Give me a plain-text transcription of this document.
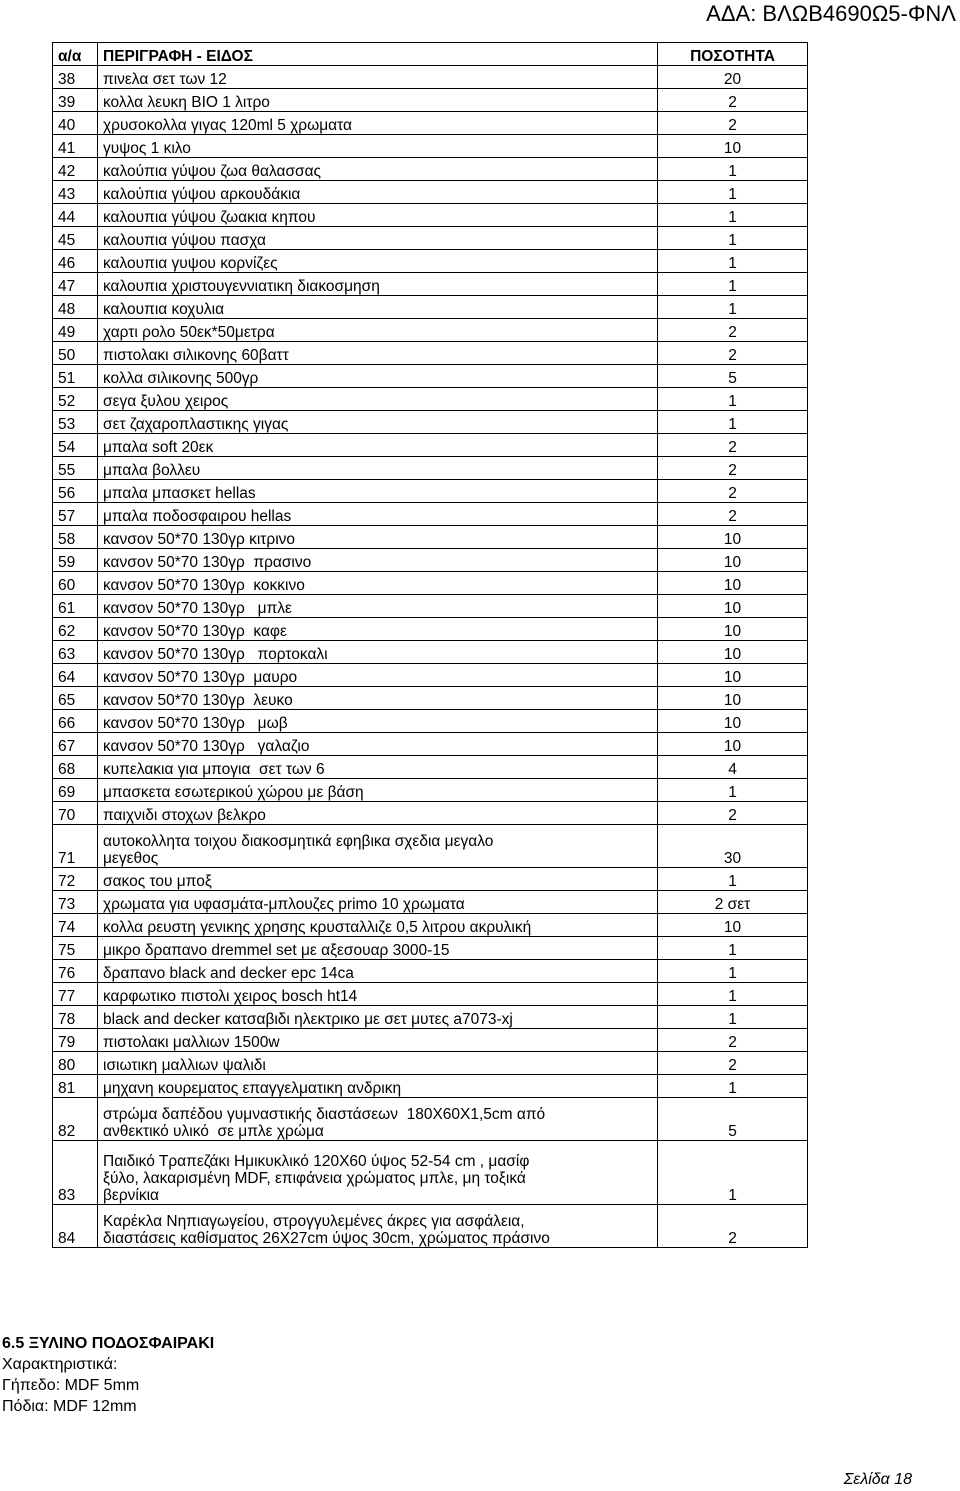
ΑΔΑ: ΒΛΩΒ4690Ω5-ΦΝΛ
α/α	ΠΕΡΙΓΡΑΦΗ - ΕΙΔΟΣ	ΠΟΣΟΤΗΤΑ
38	πινελα σετ των 12	20
39	κολλα λευκη BIO 1 λιτρο	2
40	χρυσοκολλα γιγας 120ml 5 χρωματα	2
41	γυψος 1 κιλο	10
42	καλούπια γύψου ζωα θαλασσας	1
43	καλούπια γύψου αρκουδάκια	1
44	καλουπια γύψου ζωακια κηπου	1
45	καλουπια γύψου πασχα	1
46	καλουπια γυψου κορνίζες	1
47	καλουπια χριστουγεννιατικη διακοσμηση	1
48	καλουπια κοχυλια	1
49	χαρτι ρολο 50εκ*50μετρα	2
50	πιστολακι σιλικονης 60βαττ	2
51	κολλα σιλικονης 500γρ	5
52	σεγα ξυλου χειρος	1
53	σετ ζαχαροπλαστικης γιγας	1
54	μπαλα soft 20εκ	2
55	μπαλα βολλευ	2
56	μπαλα μπασκετ hellas	2
57	μπαλα ποδοσφαιρου hellas	2
58	κανσον 50*70 130γρ κιτρινο	10
59	κανσον 50*70 130γρ  πρασινο	10
60	κανσον 50*70 130γρ  κοκκινο	10
61	κανσον 50*70 130γρ   μπλε	10
62	κανσον 50*70 130γρ  καφε	10
63	κανσον 50*70 130γρ   πορτοκαλι	10
64	κανσον 50*70 130γρ  μαυρο	10
65	κανσον 50*70 130γρ  λευκο	10
66	κανσον 50*70 130γρ   μωβ	10
67	κανσον 50*70 130γρ   γαλαζιο	10
68	κυπελακια για μπογια  σετ των 6	4
69	μπασκετα εσωτερικού χώρου με βάση	1
70	παιχνιδι στοχων βελκρο	2
71	αυτοκολλητα τοιχου διακοσμητικά εφηβικα σχεδια μεγαλο
μεγεθος	30
72	σακος του μποξ	1
73	χρωματα για υφασμάτα-μπλουζες primo 10 χρωματα	2 σετ
74	κολλα ρευστη γενικης χρησης κρυσταλλιζε 0,5 λιτρου ακρυλική	10
75	μικρο δραπανο dremmel set με αξεσουαρ 3000-15	1
76	δραπανο black and decker epc 14ca	1
77	καρφωτικο πιστολι χειρος bosch ht14	1
78	black and decker κατσαβιδι ηλεκτρικο με σετ μυτες a7073-xj	1
79	πιστολακι μαλλιων 1500w	2
80	ισιωτικη μαλλιων ψαλιδι	2
81	μηχανη κουρεματος επαγγελματικη ανδρικη	1
82	στρώμα δαπέδου γυμναστικής διαστάσεων  180Χ60Χ1,5cm από
ανθεκτικό υλικό  σε μπλε χρώμα	5
83	Παιδικό Τραπεζάκι Ημικυκλικό 120Χ60 ύψος 52-54 cm , μασίφ
ξύλο, λακαρισμένη MDF, επιφάνεια χρώματος μπλε, μη τοξικά
βερνίκια	1
84	Καρέκλα Νηπιαγωγείου, στρογγυλεμένες άκρες για ασφάλεια,
διαστάσεις καθίσματος 26Χ27cm ύψος 30cm, χρώματος πράσινο	2
6.5 ΞΥΛΙΝΟ ΠΟΔΟΣΦΑΙΡΑΚΙ
Χαρακτηριστικά:
Γήπεδο: MDF 5mm
Πόδια: MDF 12mm
Σελίδα 18
